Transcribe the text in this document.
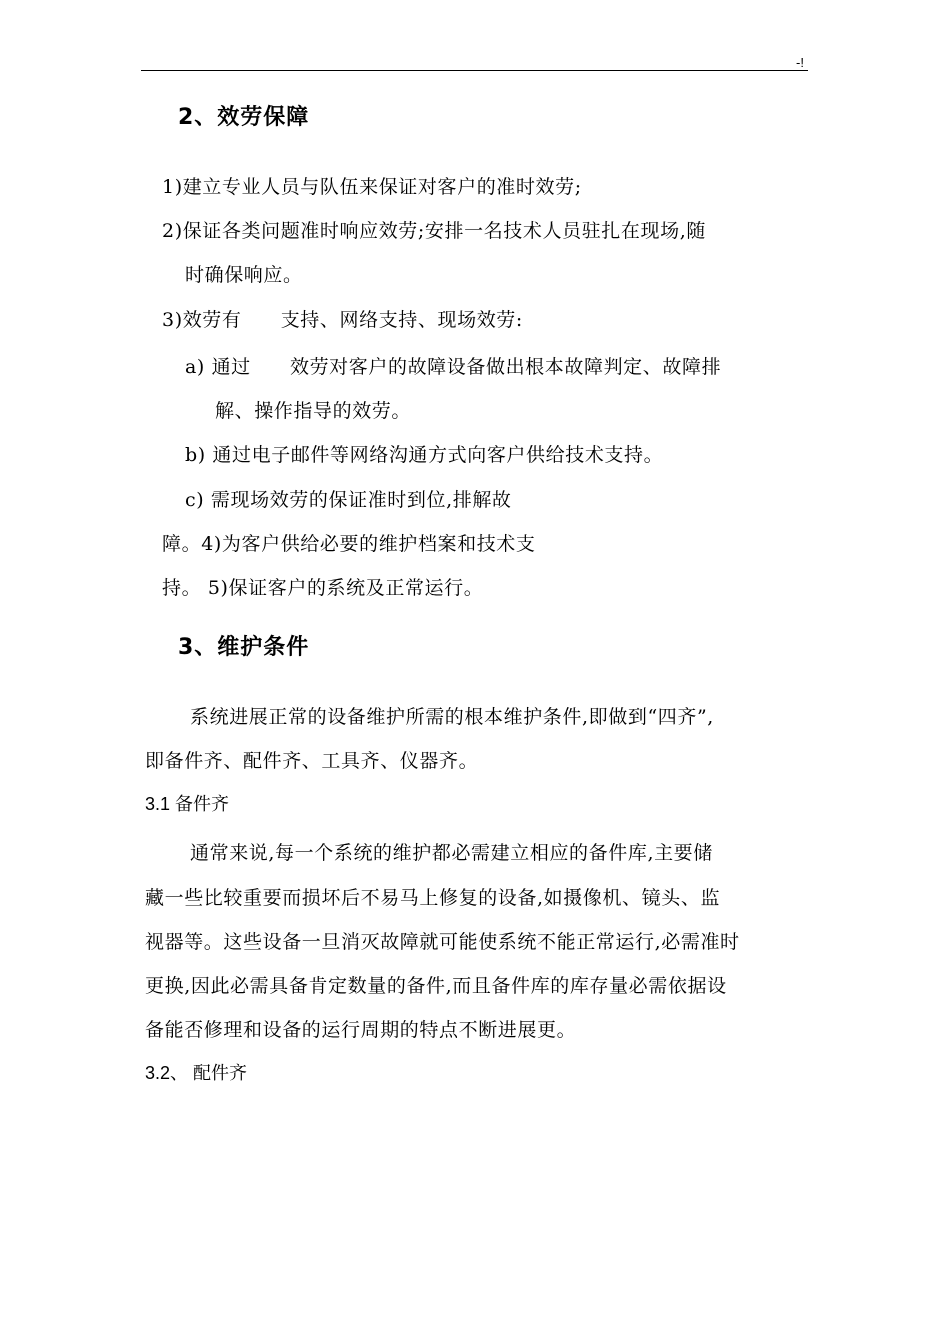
-!
2、效劳保障
1)建立专业人员与队伍来保证对客户的准时效劳;
2)保证各类问题准时响应效劳;安排一名技术人员驻扎在现场,随
时确保响应。
3)效劳有　　支持、网络支持、现场效劳:
a) 通过　　效劳对客户的故障设备做出根本故障判定、故障排
解、操作指导的效劳。
b) 通过电子邮件等网络沟通方式向客户供给技术支持。
c) 需现场效劳的保证准时到位,排解故
障。4)为客户供给必要的维护档案和技术支
持。 5)保证客户的系统及正常运行。
3、维护条件
系统进展正常的设备维护所需的根本维护条件,即做到“四齐”,
即备件齐、配件齐、工具齐、仪器齐。
3.1 备件齐
通常来说,每一个系统的维护都必需建立相应的备件库,主要储
藏一些比较重要而损坏后不易马上修复的设备,如摄像机、镜头、监
视器等。这些设备一旦消灭故障就可能使系统不能正常运行,必需准时
更换,因此必需具备肯定数量的备件,而且备件库的库存量必需依据设
备能否修理和设备的运行周期的特点不断进展更。
3.2、 配件齐
